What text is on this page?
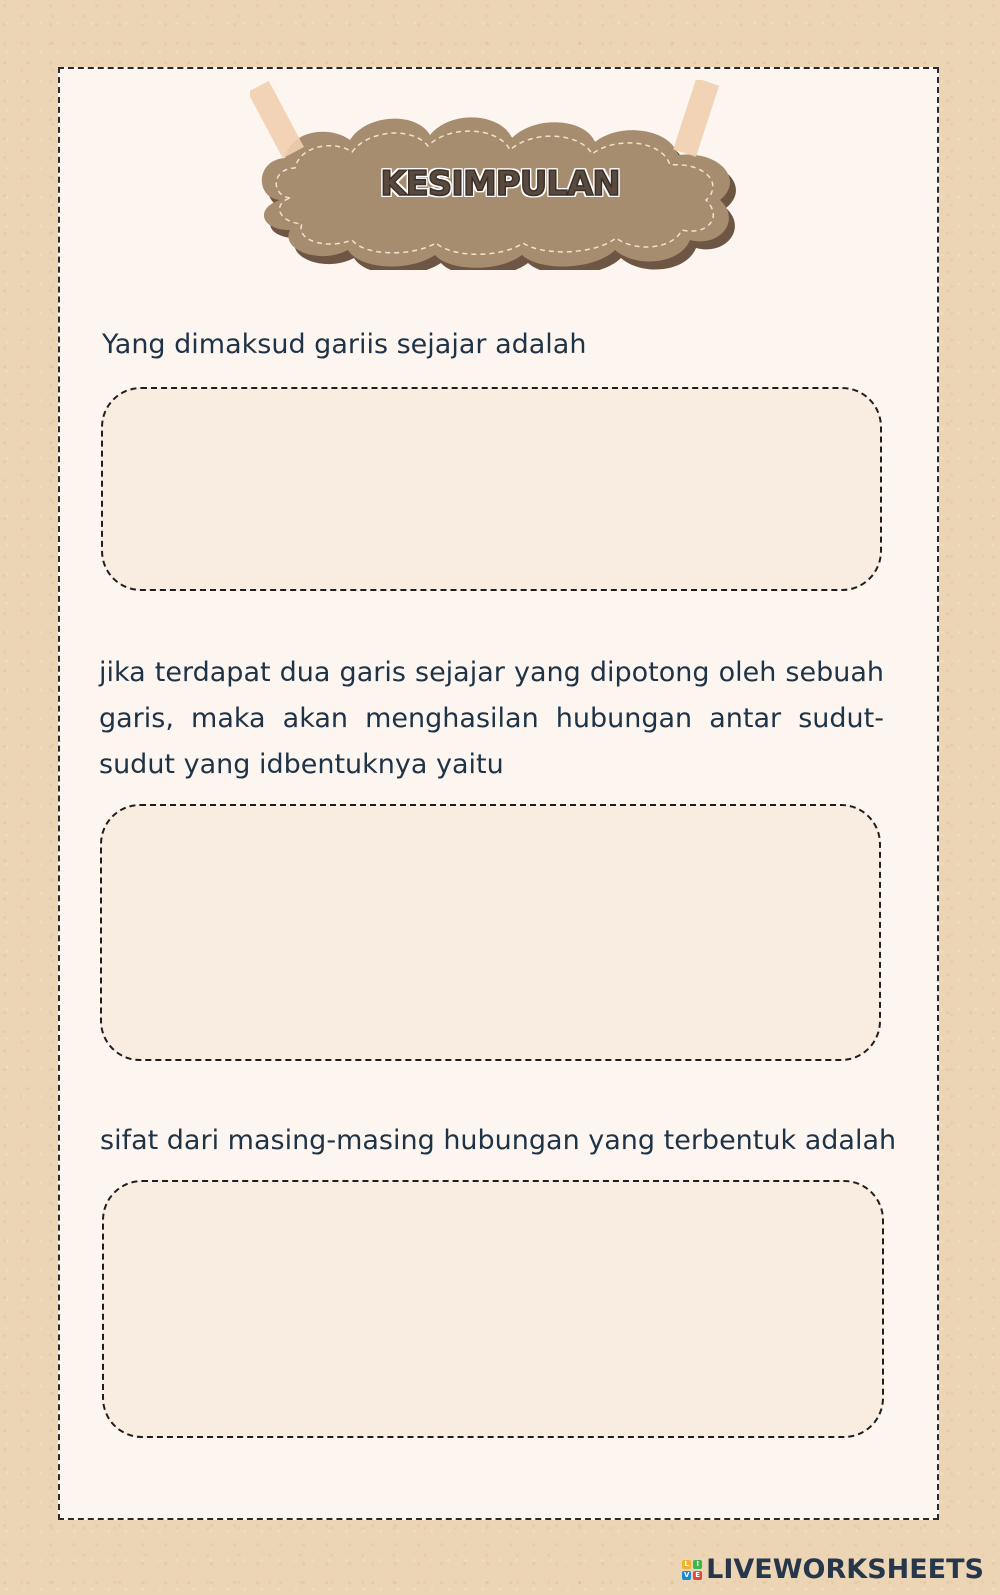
KESIMPULAN
Yang dimaksud gariis sejajar adalah
jika terdapat dua garis sejajar yang dipotong oleh sebuah garis, maka akan menghasilan hubungan antar sudut-sudut yang idbentuknya yaitu
sifat dari masing-masing hubungan yang terbentuk adalah
L	I
V E LIVEWORKSHEETS
